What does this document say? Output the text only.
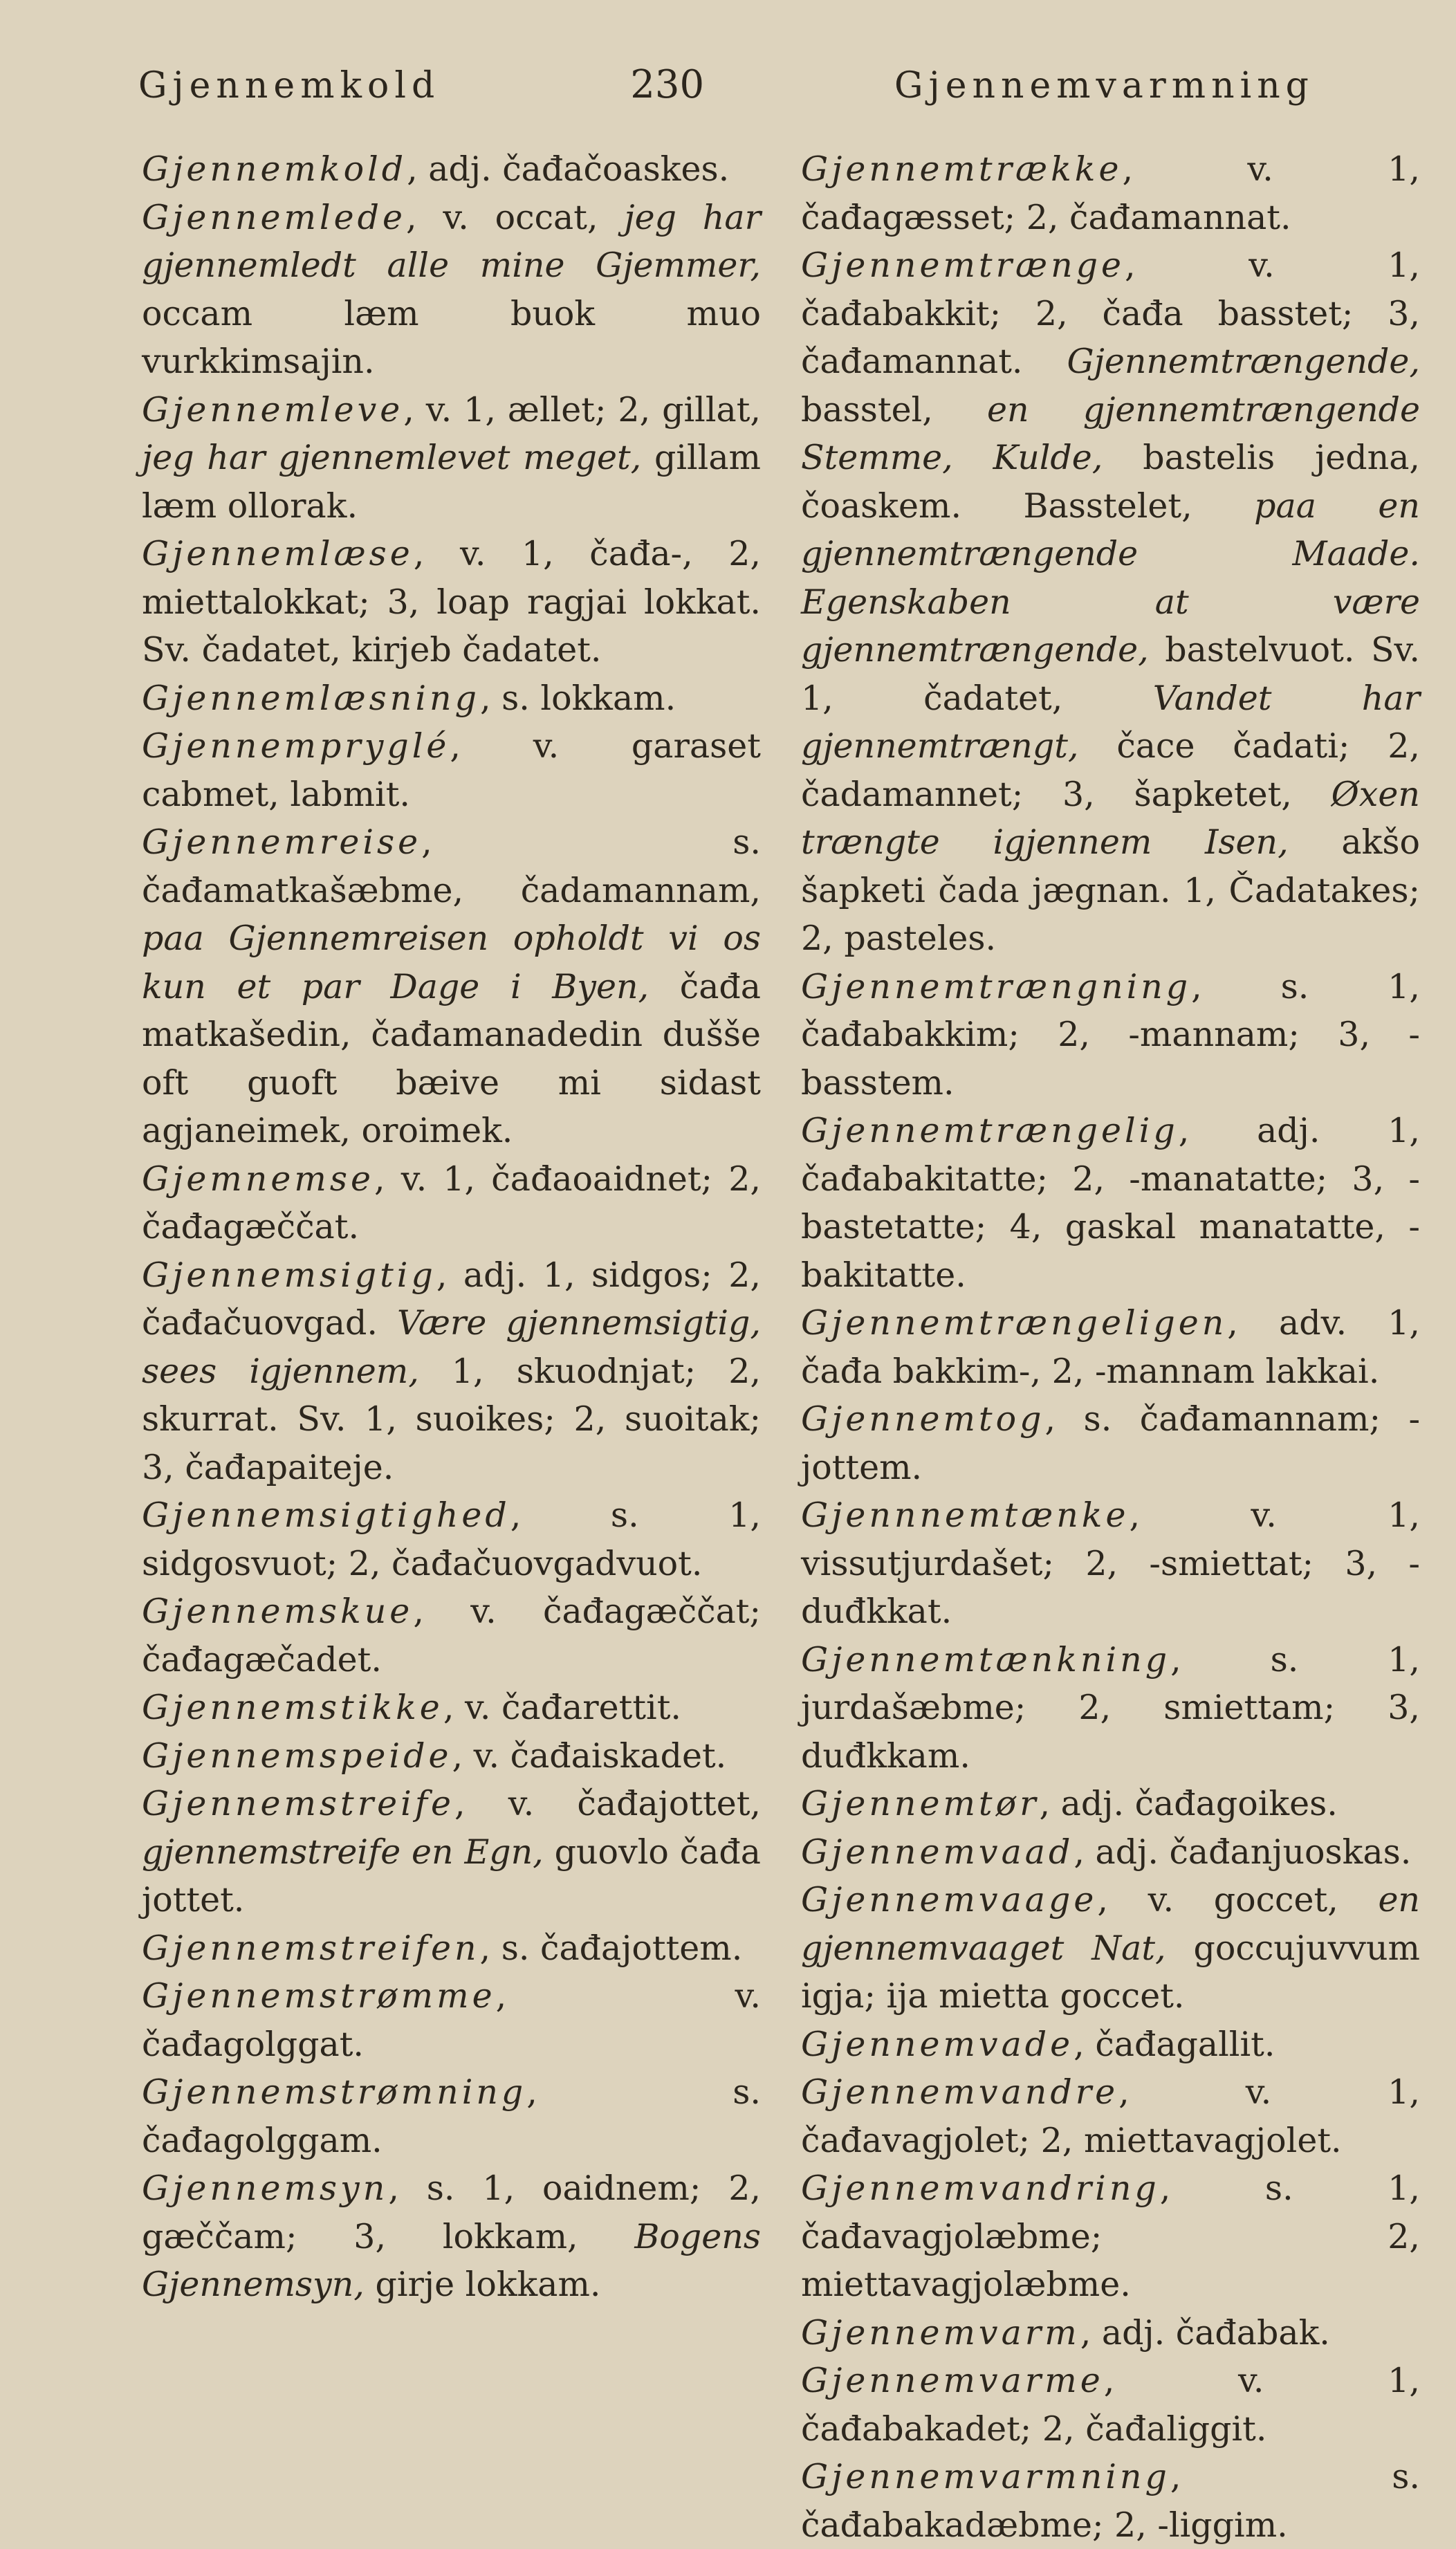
Gjennemkold	230	Gjennemvarmning
Gjennemkold, adj. čađačoaskes.
Gjennemlede, v. occat, jeg har gjennemledt alle mine Gjemmer, occam læm buok muo vurkkimsajin.
Gjennemleve, v. 1, ællet; 2, gillat, jeg har gjennemlevet meget, gillam læm ollorak.
Gjennemlæse, v. 1, čađa-, 2, miettalokkat; 3, loap ragjai lokkat. Sv. čadatet, kirjeb čadatet.
Gjennemlæsning, s. lokkam.
Gjennempryglé, v. garaset cabmet, labmit.
Gjennemreise, s. čađamatkašæbme, čadamannam, paa Gjennemreisen opholdt vi os kun et par Dage i Byen, čađa matkašedin, čađamanadedin dušše oft guoft bæive mi sidast agjaneimek, oroimek.
Gjemnemse, v. 1, čađaoaidnet; 2, čađagæččat.
Gjennemsigtig, adj. 1, sidgos; 2, čađačuovgad. Være gjennemsigtig, sees igjennem, 1, skuodnjat; 2, skurrat. Sv. 1, suoikes; 2, suoitak; 3, čađapaiteje.
Gjennemsigtighed, s. 1, sidgosvuot; 2, čađačuovgadvuot.
Gjennemskue, v. čađagæččat; čađagæčadet.
Gjennemstikke, v. čađarettit.
Gjennemspeide, v. čađaiskadet.
Gjennemstreife, v. čađajottet, gjennemstreife en Egn, guovlo čađa jottet.
Gjennemstreifen, s. čađajottem.
Gjennemstrømme, v. čađagolggat.
Gjennemstrømning, s. čađagolggam.
Gjennemsyn, s. 1, oaidnem; 2, gæččam; 3, lokkam, Bogens Gjennemsyn, girje lokkam.
Gjennemtrække, v. 1, čađagæsset; 2, čađamannat.
Gjennemtrænge, v. 1, čađabakkit; 2, čađa basstet; 3, čađamannat. Gjennemtrængende, basstel, en gjennemtrængende Stemme, Kulde, bastelis jedna, čoaskem. Basstelet, paa en gjennemtrængende Maade. Egenskaben at være gjennemtrængende, bastelvuot. Sv. 1, čadatet, Vandet har gjennemtrængt, čace čadati; 2, čadamannet; 3, šapketet, Øxen trængte igjennem Isen, akšo šapketi čada jægnan. 1, Čadatakes; 2, pasteles.
Gjennemtrængning, s. 1, čađabakkim; 2, -mannam; 3, -basstem.
Gjennemtrængelig, adj. 1, čađabakitatte; 2, -manatatte; 3, -bastetatte; 4, gaskal manatatte, -bakitatte.
Gjennemtrængeligen, adv. 1, čađa bakkim-, 2, -mannam lakkai.
Gjennemtog, s. čađamannam; -jottem.
Gjennnemtænke, v. 1, vissutjurdašet; 2, -smiettat; 3, -duđkkat.
Gjennemtænkning, s. 1, jurdašæbme; 2, smiettam; 3, duđkkam.
Gjennemtør, adj. čađagoikes.
Gjennemvaad, adj. čađanjuoskas.
Gjennemvaage, v. goccet, en gjennemvaaget Nat, goccujuvvum igja; ija mietta goccet.
Gjennemvade, čađagallit.
Gjennemvandre, v. 1, čađavagjolet; 2, miettavagjolet.
Gjennemvandring, s. 1, čađavagjolæbme; 2, miettavagjolæbme.
Gjennemvarm, adj. čađabak.
Gjennemvarme, v. 1, čađabakadet; 2, čađaliggit.
Gjennemvarmning, s. čađabakadæbme; 2, -liggim.
